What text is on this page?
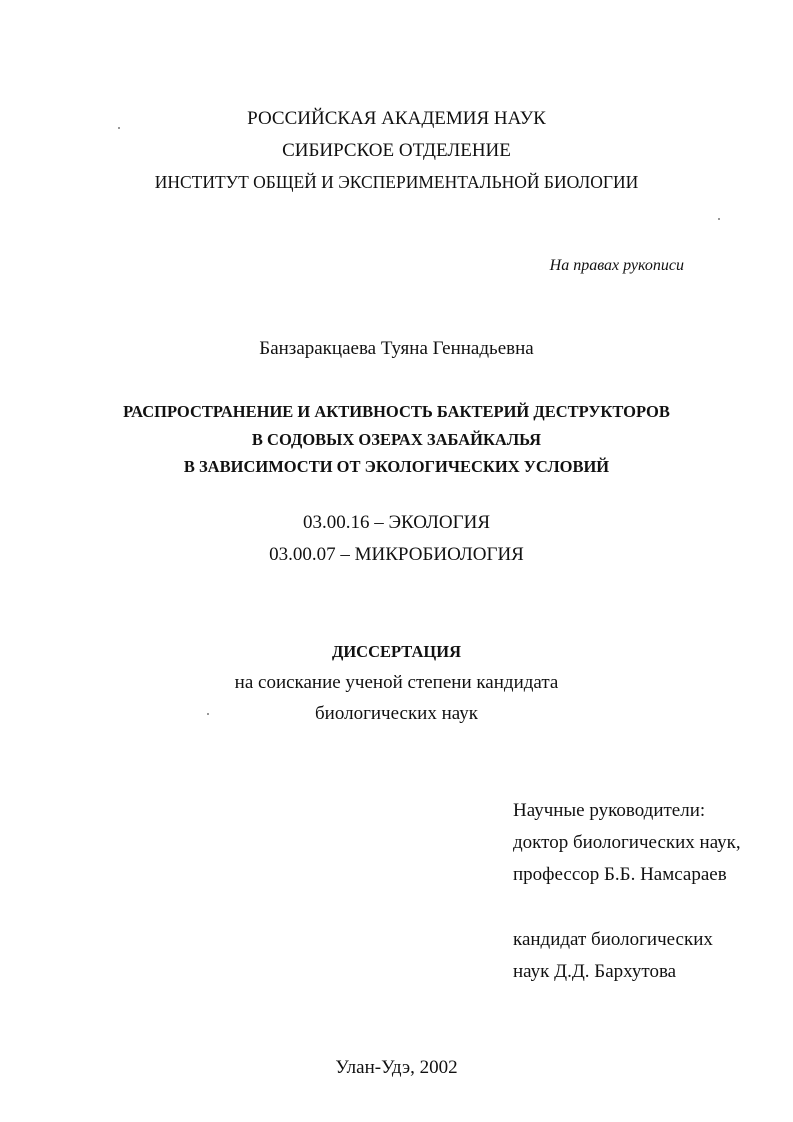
РОССИЙСКАЯ АКАДЕМИЯ НАУК
СИБИРСКОЕ ОТДЕЛЕНИЕ
ИНСТИТУТ ОБЩЕЙ И ЭКСПЕРИМЕНТАЛЬНОЙ БИОЛОГИИ
На правах рукописи
Банзаракцаева Туяна Геннадьевна
РАСПРОСТРАНЕНИЕ И АКТИВНОСТЬ БАКТЕРИЙ ДЕСТРУКТОРОВ
В СОДОВЫХ ОЗЕРАХ ЗАБАЙКАЛЬЯ
В ЗАВИСИМОСТИ ОТ ЭКОЛОГИЧЕСКИХ УСЛОВИЙ
03.00.16 – ЭКОЛОГИЯ
03.00.07 – МИКРОБИОЛОГИЯ
ДИССЕРТАЦИЯ
на соискание ученой степени кандидата
биологических наук
Научные руководители:
доктор биологических наук,
профессор Б.Б. Намсараев
кандидат биологических
наук Д.Д. Бархутова
Улан-Удэ, 2002
